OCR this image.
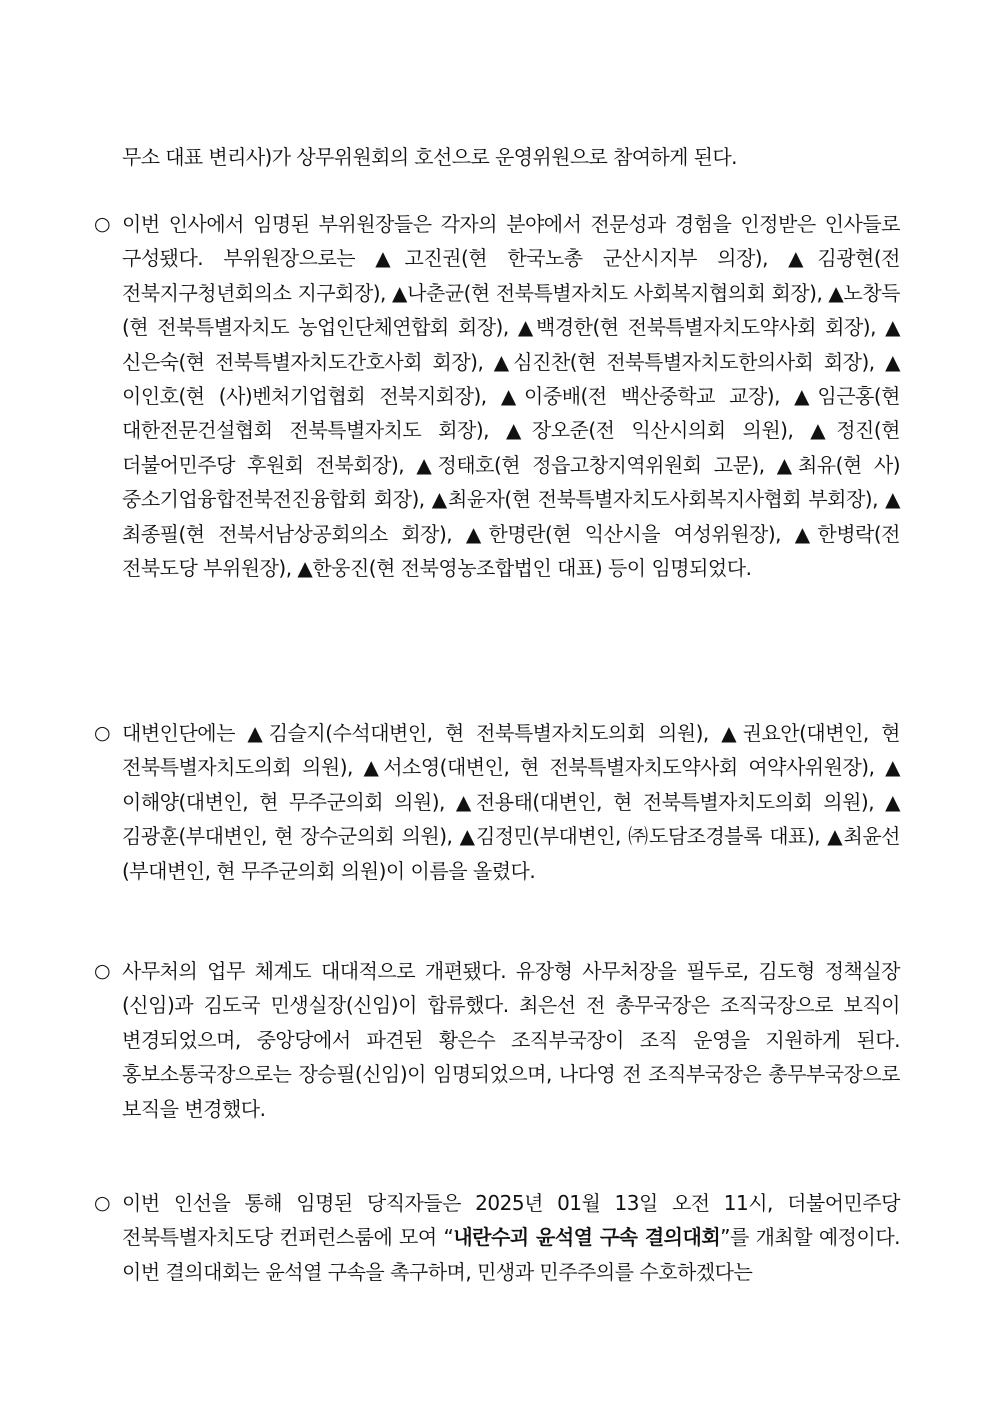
무소 대표 변리사)가 상무위원회의 호선으로 운영위원으로 참여하게 된다.
○ 이번 인사에서 임명된 부위원장들은 각자의 분야에서 전문성과 경험을 인정받은 인사들로 구성됐다. 부위원장으로는 ▲고진권(현 한국노총 군산시지부 의장), ▲김광현(전 전북지구청년회의소 지구회장), ▲나춘균(현 전북특별자치도 사회복지협의회 회장), ▲노창득(현 전북특별자치도 농업인단체연합회 회장), ▲백경한(현 전북특별자치도약사회 회장), ▲신은숙(현 전북특별자치도간호사회 회장), ▲심진찬(현 전북특별자치도한의사회 회장), ▲이인호(현 (사)벤처기업협회 전북지회장), ▲이중배(전 백산중학교 교장), ▲임근홍(현 대한전문건설협회 전북특별자치도 회장), ▲장오준(전 익산시의회 의원), ▲정진(현 더불어민주당 후원회 전북회장), ▲정태호(현 정읍고창지역위원회 고문), ▲최유(현 사)중소기업융합전북전진융합회 회장), ▲최윤자(현 전북특별자치도사회복지사협회 부회장), ▲최종필(현 전북서남상공회의소 회장), ▲한명란(현 익산시을 여성위원장), ▲한병락(전 전북도당 부위원장), ▲한웅진(현 전북영농조합법인 대표) 등이 임명되었다.
○ 대변인단에는 ▲김슬지(수석대변인, 현 전북특별자치도의회 의원), ▲권요안(대변인, 현 전북특별자치도의회 의원), ▲서소영(대변인, 현 전북특별자치도약사회 여약사위원장), ▲이해양(대변인, 현 무주군의회 의원), ▲전용태(대변인, 현 전북특별자치도의회 의원), ▲김광훈(부대변인, 현 장수군의회 의원), ▲김정민(부대변인, ㈜도담조경블록 대표), ▲최윤선(부대변인, 현 무주군의회 의원)이 이름을 올렸다.
○ 사무처의 업무 체계도 대대적으로 개편됐다. 유장형 사무처장을 필두로, 김도형 정책실장(신임)과 김도국 민생실장(신임)이 합류했다. 최은선 전 총무국장은 조직국장으로 보직이 변경되었으며, 중앙당에서 파견된 황은수 조직부국장이 조직 운영을 지원하게 된다. 홍보소통국장으로는 장승필(신임)이 임명되었으며, 나다영 전 조직부국장은 총무부국장으로 보직을 변경했다.
○ 이번 인선을 통해 임명된 당직자들은 2025년 01월 13일 오전 11시, 더불어민주당 전북특별자치도당 컨퍼런스룸에 모여 “내란수괴 윤석열 구속 결의대회”를 개최할 예정이다. 이번 결의대회는 윤석열 구속을 촉구하며, 민생과 민주주의를 수호하겠다는
